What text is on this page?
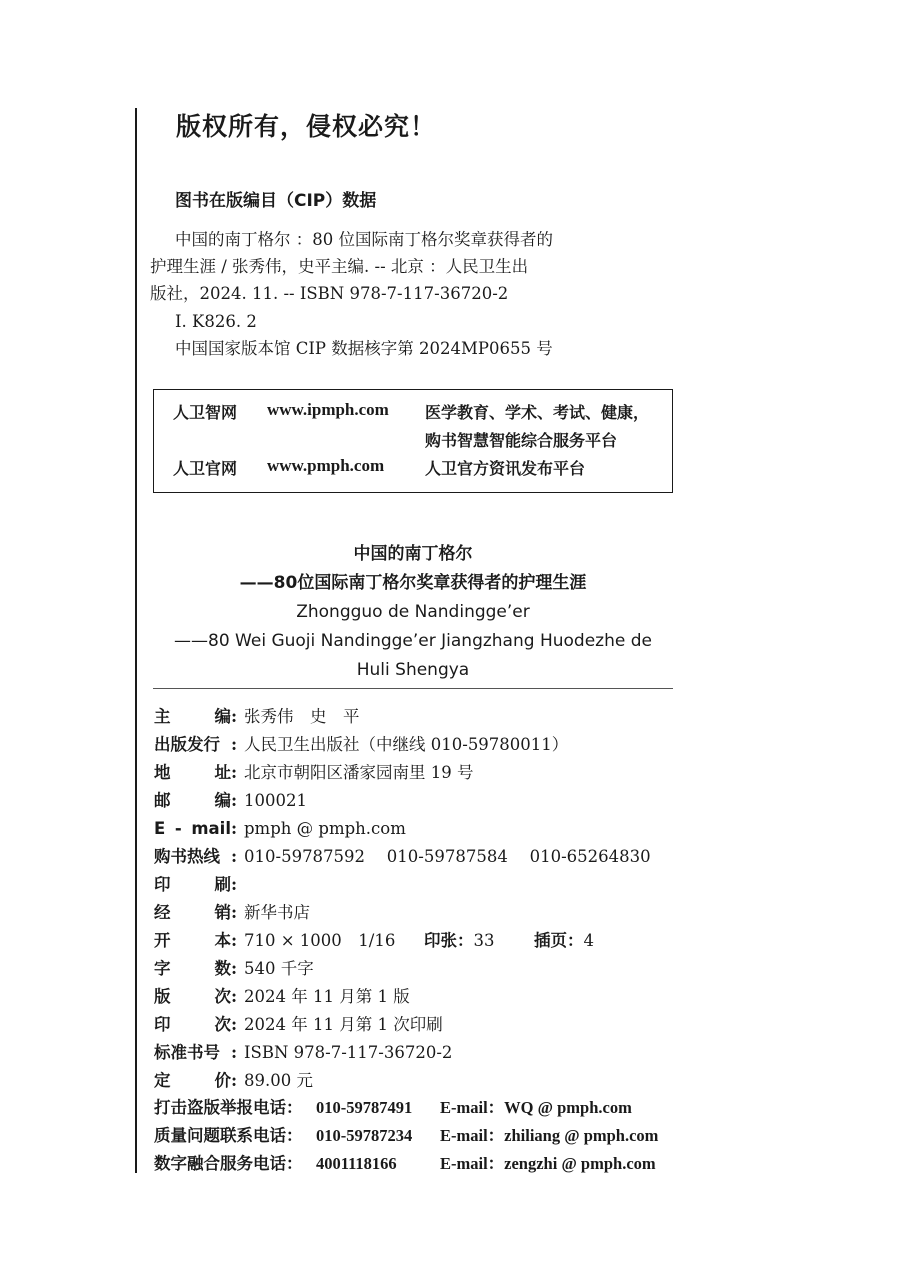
版权所有，侵权必究！
图书在版编目（CIP）数据
中国的南丁格尔 ：80 位国际南丁格尔奖章获得者的
护理生涯 / 张秀伟，史平主编. -- 北京 ：人民卫生出
版社，2024. 11. -- ISBN 978-7-117-36720-2
Ⅰ. K826. 2
中国国家版本馆 CIP 数据核字第 2024MP0655 号
人卫智网 www.ipmph.com 医学教育、学术、考试、健康，
购书智慧智能综合服务平台
人卫官网 www.pmph.com	人卫官方资讯发布平台
中国的南丁格尔
——80位国际南丁格尔奖章获得者的护理生涯
Zhongguo de Nandingge’er
——80 Wei Guoji Nandingge’er Jiangzhang Huodezhe de
Huli Shengya
主	编 : 张秀伟　史　平
出版发行 : 人民卫生出版社（中继线 010-59780011）
地	址 : 北京市朝阳区潘家园南里 19 号
邮	编 : 100021
E - mail : pmph @ pmph.com
购书热线 : 010-59787592　 010-59787584　 010-65264830
印	刷 :
经	销 : 新华书店
开	本 : 710 × 1000　1/16 印张：33 插页：4
字	数 : 540 千字
版	次 : 2024 年 11 月第 1 版
印	次 : 2024 年 11 月第 1 次印刷
标准书号 : ISBN 978-7-117-36720-2
定	价 : 89.00 元
打击盗版举报电话： 010-59787491 E-mail：WQ @ pmph.com
质量问题联系电话： 010-59787234 E-mail：zhiliang @ pmph.com
数字融合服务电话： 4001118166	E-mail：zengzhi @ pmph.com
